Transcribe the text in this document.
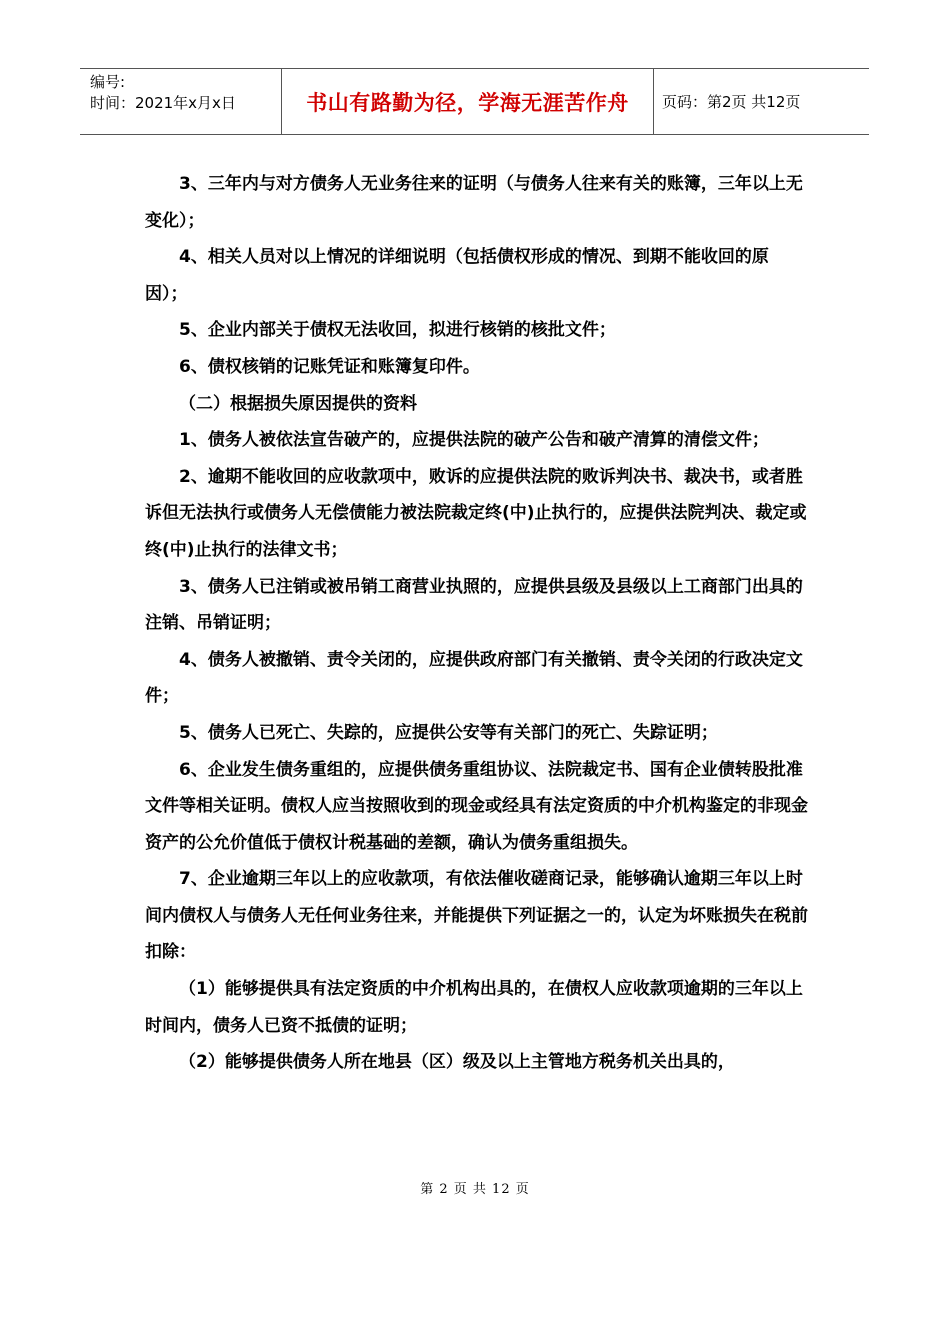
编号:
时间：2021年x月x日	书山有路勤为径，学海无涯苦作舟	页码：第2页 共12页

3、三年内与对方债务人无业务往来的证明（与债务人往来有关的账簿，三年以上无变化）；

4、相关人员对以上情况的详细说明（包括债权形成的情况、到期不能收回的原因）；

5、企业内部关于债权无法收回，拟进行核销的核批文件；

6、债权核销的记账凭证和账簿复印件。

（二）根据损失原因提供的资料

1、债务人被依法宣告破产的，应提供法院的破产公告和破产清算的清偿文件；

2、逾期不能收回的应收款项中，败诉的应提供法院的败诉判决书、裁决书，或者胜诉但无法执行或债务人无偿债能力被法院裁定终(中)止执行的，应提供法院判决、裁定或终(中)止执行的法律文书；

3、债务人已注销或被吊销工商营业执照的，应提供县级及县级以上工商部门出具的注销、吊销证明；

4、债务人被撤销、责令关闭的，应提供政府部门有关撤销、责令关闭的行政决定文件；

5、债务人已死亡、失踪的，应提供公安等有关部门的死亡、失踪证明；

6、企业发生债务重组的，应提供债务重组协议、法院裁定书、国有企业债转股批准文件等相关证明。债权人应当按照收到的现金或经具有法定资质的中介机构鉴定的非现金资产的公允价值低于债权计税基础的差额，确认为债务重组损失。

7、企业逾期三年以上的应收款项，有依法催收磋商记录，能够确认逾期三年以上时间内债权人与债务人无任何业务往来，并能提供下列证据之一的，认定为坏账损失在税前扣除：

（1）能够提供具有法定资质的中介机构出具的，在债权人应收款项逾期的三年以上时间内，债务人已资不抵债的证明；

（2）能够提供债务人所在地县（区）级及以上主管地方税务机关出具的，

第 2 页 共 12 页
